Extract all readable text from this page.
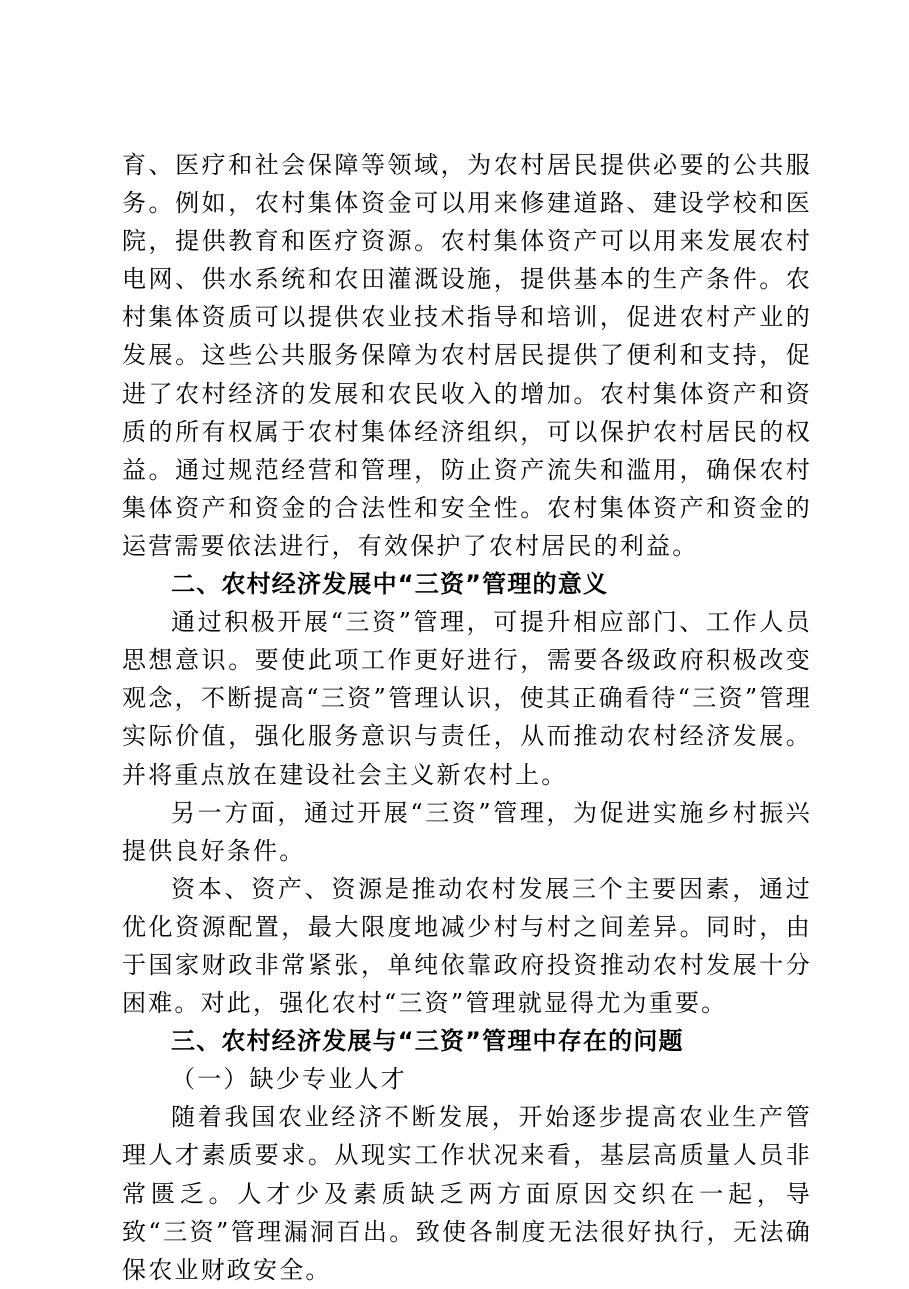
育、医疗和社会保障等领域，为农村居民提供必要的公共服务。例如，农村集体资金可以用来修建道路、建设学校和医院，提供教育和医疗资源。农村集体资产可以用来发展农村电网、供水系统和农田灌溉设施，提供基本的生产条件。农村集体资质可以提供农业技术指导和培训，促进农村产业的发展。这些公共服务保障为农村居民提供了便利和支持，促进了农村经济的发展和农民收入的增加。农村集体资产和资质的所有权属于农村集体经济组织，可以保护农村居民的权益。通过规范经营和管理，防止资产流失和滥用，确保农村集体资产和资金的合法性和安全性。农村集体资产和资金的运营需要依法进行，有效保护了农村居民的利益。

二、农村经济发展中“三资”管理的意义

通过积极开展“三资”管理，可提升相应部门、工作人员思想意识。要使此项工作更好进行，需要各级政府积极改变观念，不断提高“三资”管理认识，使其正确看待“三资”管理实际价值，强化服务意识与责任，从而推动农村经济发展。并将重点放在建设社会主义新农村上。

另一方面，通过开展“三资”管理，为促进实施乡村振兴提供良好条件。

资本、资产、资源是推动农村发展三个主要因素，通过优化资源配置，最大限度地减少村与村之间差异。同时，由于国家财政非常紧张，单纯依靠政府投资推动农村发展十分困难。对此，强化农村“三资”管理就显得尤为重要。

三、农村经济发展与“三资”管理中存在的问题

（一）缺少专业人才

随着我国农业经济不断发展，开始逐步提高农业生产管理人才素质要求。从现实工作状况来看，基层高质量人员非常匮乏。人才少及素质缺乏两方面原因交织在一起，导致“三资”管理漏洞百出。致使各制度无法很好执行，无法确保农业财政安全。
